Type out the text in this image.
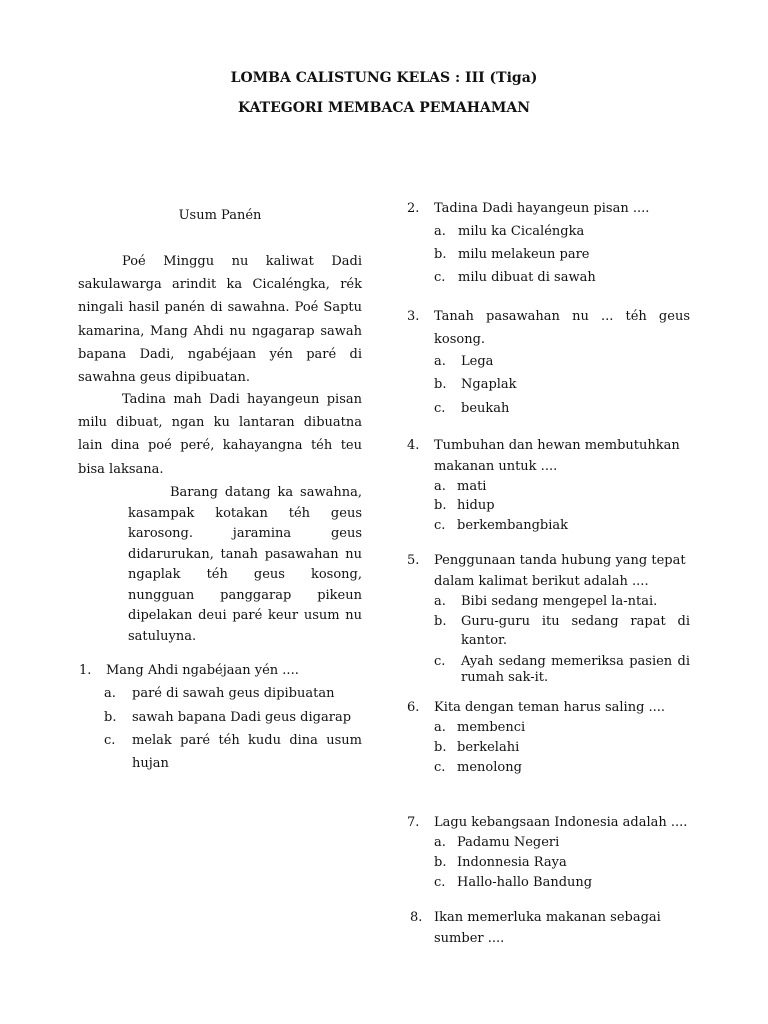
LOMBA CALISTUNG KELAS : III (Tiga)
KATEGORI MEMBACA PEMAHAMAN
Usum Panén
Poé Minggu nu kaliwat Dadi sakulawarga arindit ka Cicaléngka, rék ningali hasil panén di sawahna. Poé Saptu kamarina, Mang Ahdi nu ngagarap sawah bapana Dadi, ngabéjaan yén paré di sawahna geus dipibuatan.
Tadina mah Dadi hayangeun pisan milu dibuat, ngan ku lantaran dibuatna lain dina poé peré, kahayangna téh teu bisa laksana.
Barang datang ka sawahna, kasampak kotakan téh geus karosong. jaramina geus didarurukan, tanah pasawahan nu ngaplak téh geus kosong, nungguan panggarap pikeun dipelakan deui paré keur usum nu satuluyna.
1. Mang Ahdi ngabéjaan yén ....
a. paré di sawah geus dipibuatan
b. sawah bapana Dadi geus digarap
c. melak paré téh kudu dina usum
hujan
2. Tadina Dadi hayangeun pisan ....
a. milu ka Cicaléngka
b. milu melakeun pare
c. milu dibuat di sawah
3. Tanah pasawahan nu ... téh geus
kosong.
a. Lega
b. Ngaplak
c. beukah
4. Tumbuhan dan hewan membutuhkan
makanan untuk ....
a. mati
b. hidup
c. berkembangbiak
5. Penggunaan tanda hubung yang tepat
dalam kalimat berikut adalah ....
a. Bibi sedang mengepel la-ntai.
b. Guru-guru itu sedang rapat di
kantor.
c. Ayah sedang memeriksa pasien di
rumah sak-it.
6. Kita dengan teman harus saling ....
a. membenci
b. berkelahi
c. menolong
7. Lagu kebangsaan Indonesia adalah ....
a. Padamu Negeri
b. Indonnesia Raya
c. Hallo-hallo Bandung
8. Ikan memerluka makanan sebagai
sumber ....
